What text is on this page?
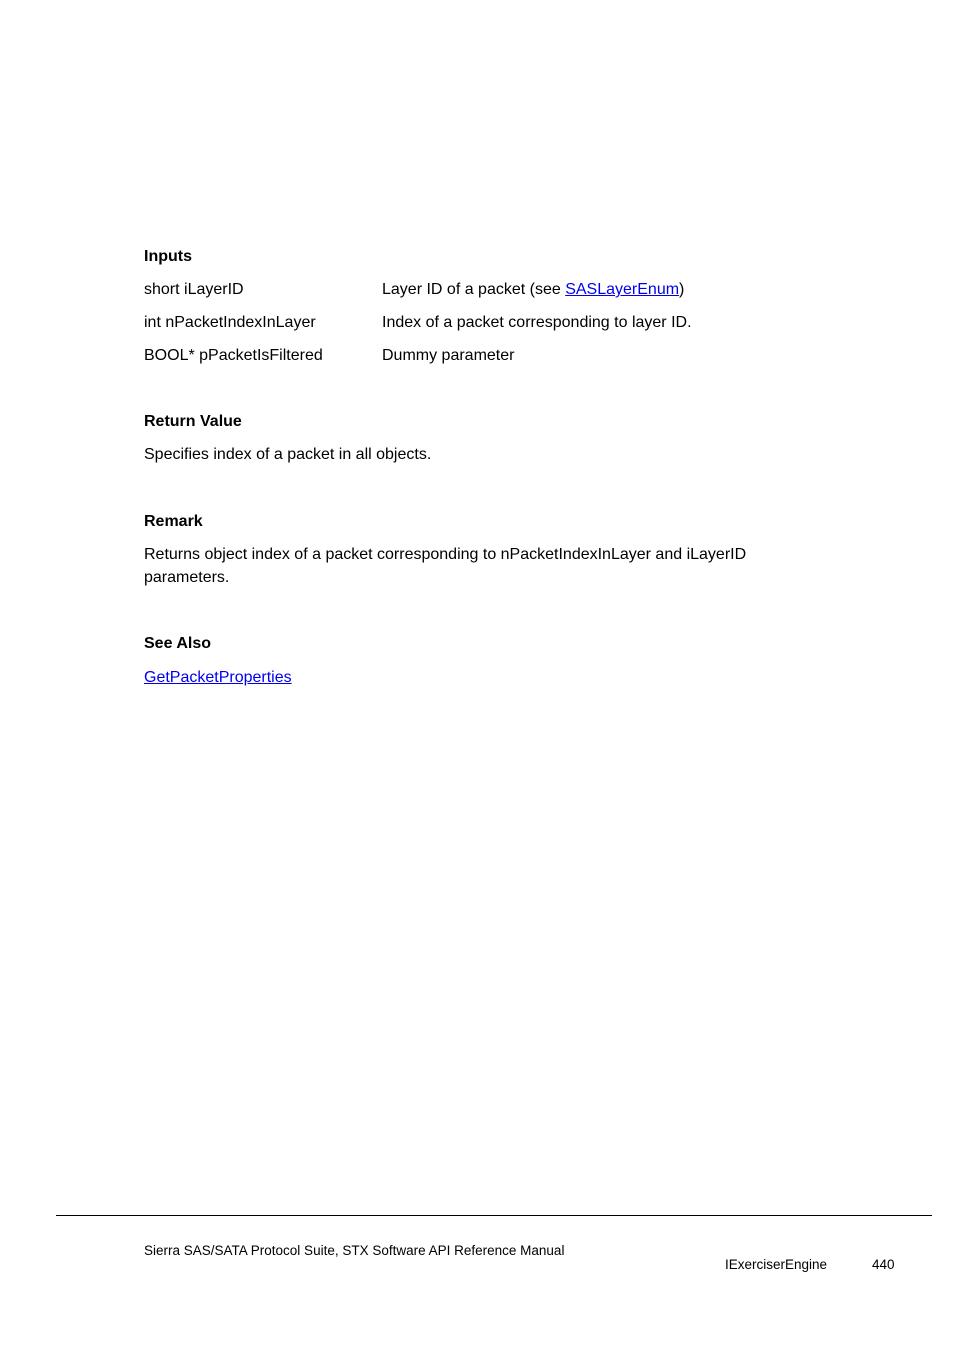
Inputs
short iLayerID	Layer ID of a packet (see SASLayerEnum)
int nPacketIndexInLayer	Index of a packet corresponding to layer ID.
BOOL* pPacketIsFiltered	Dummy parameter
Return Value
Specifies index of a packet in all objects.
Remark
Returns object index of a packet corresponding to nPacketIndexInLayer and iLayerID
parameters.
See Also
GetPacketProperties
Sierra SAS/SATA Protocol Suite, STX Software API Reference Manual
IExerciserEngine	440
